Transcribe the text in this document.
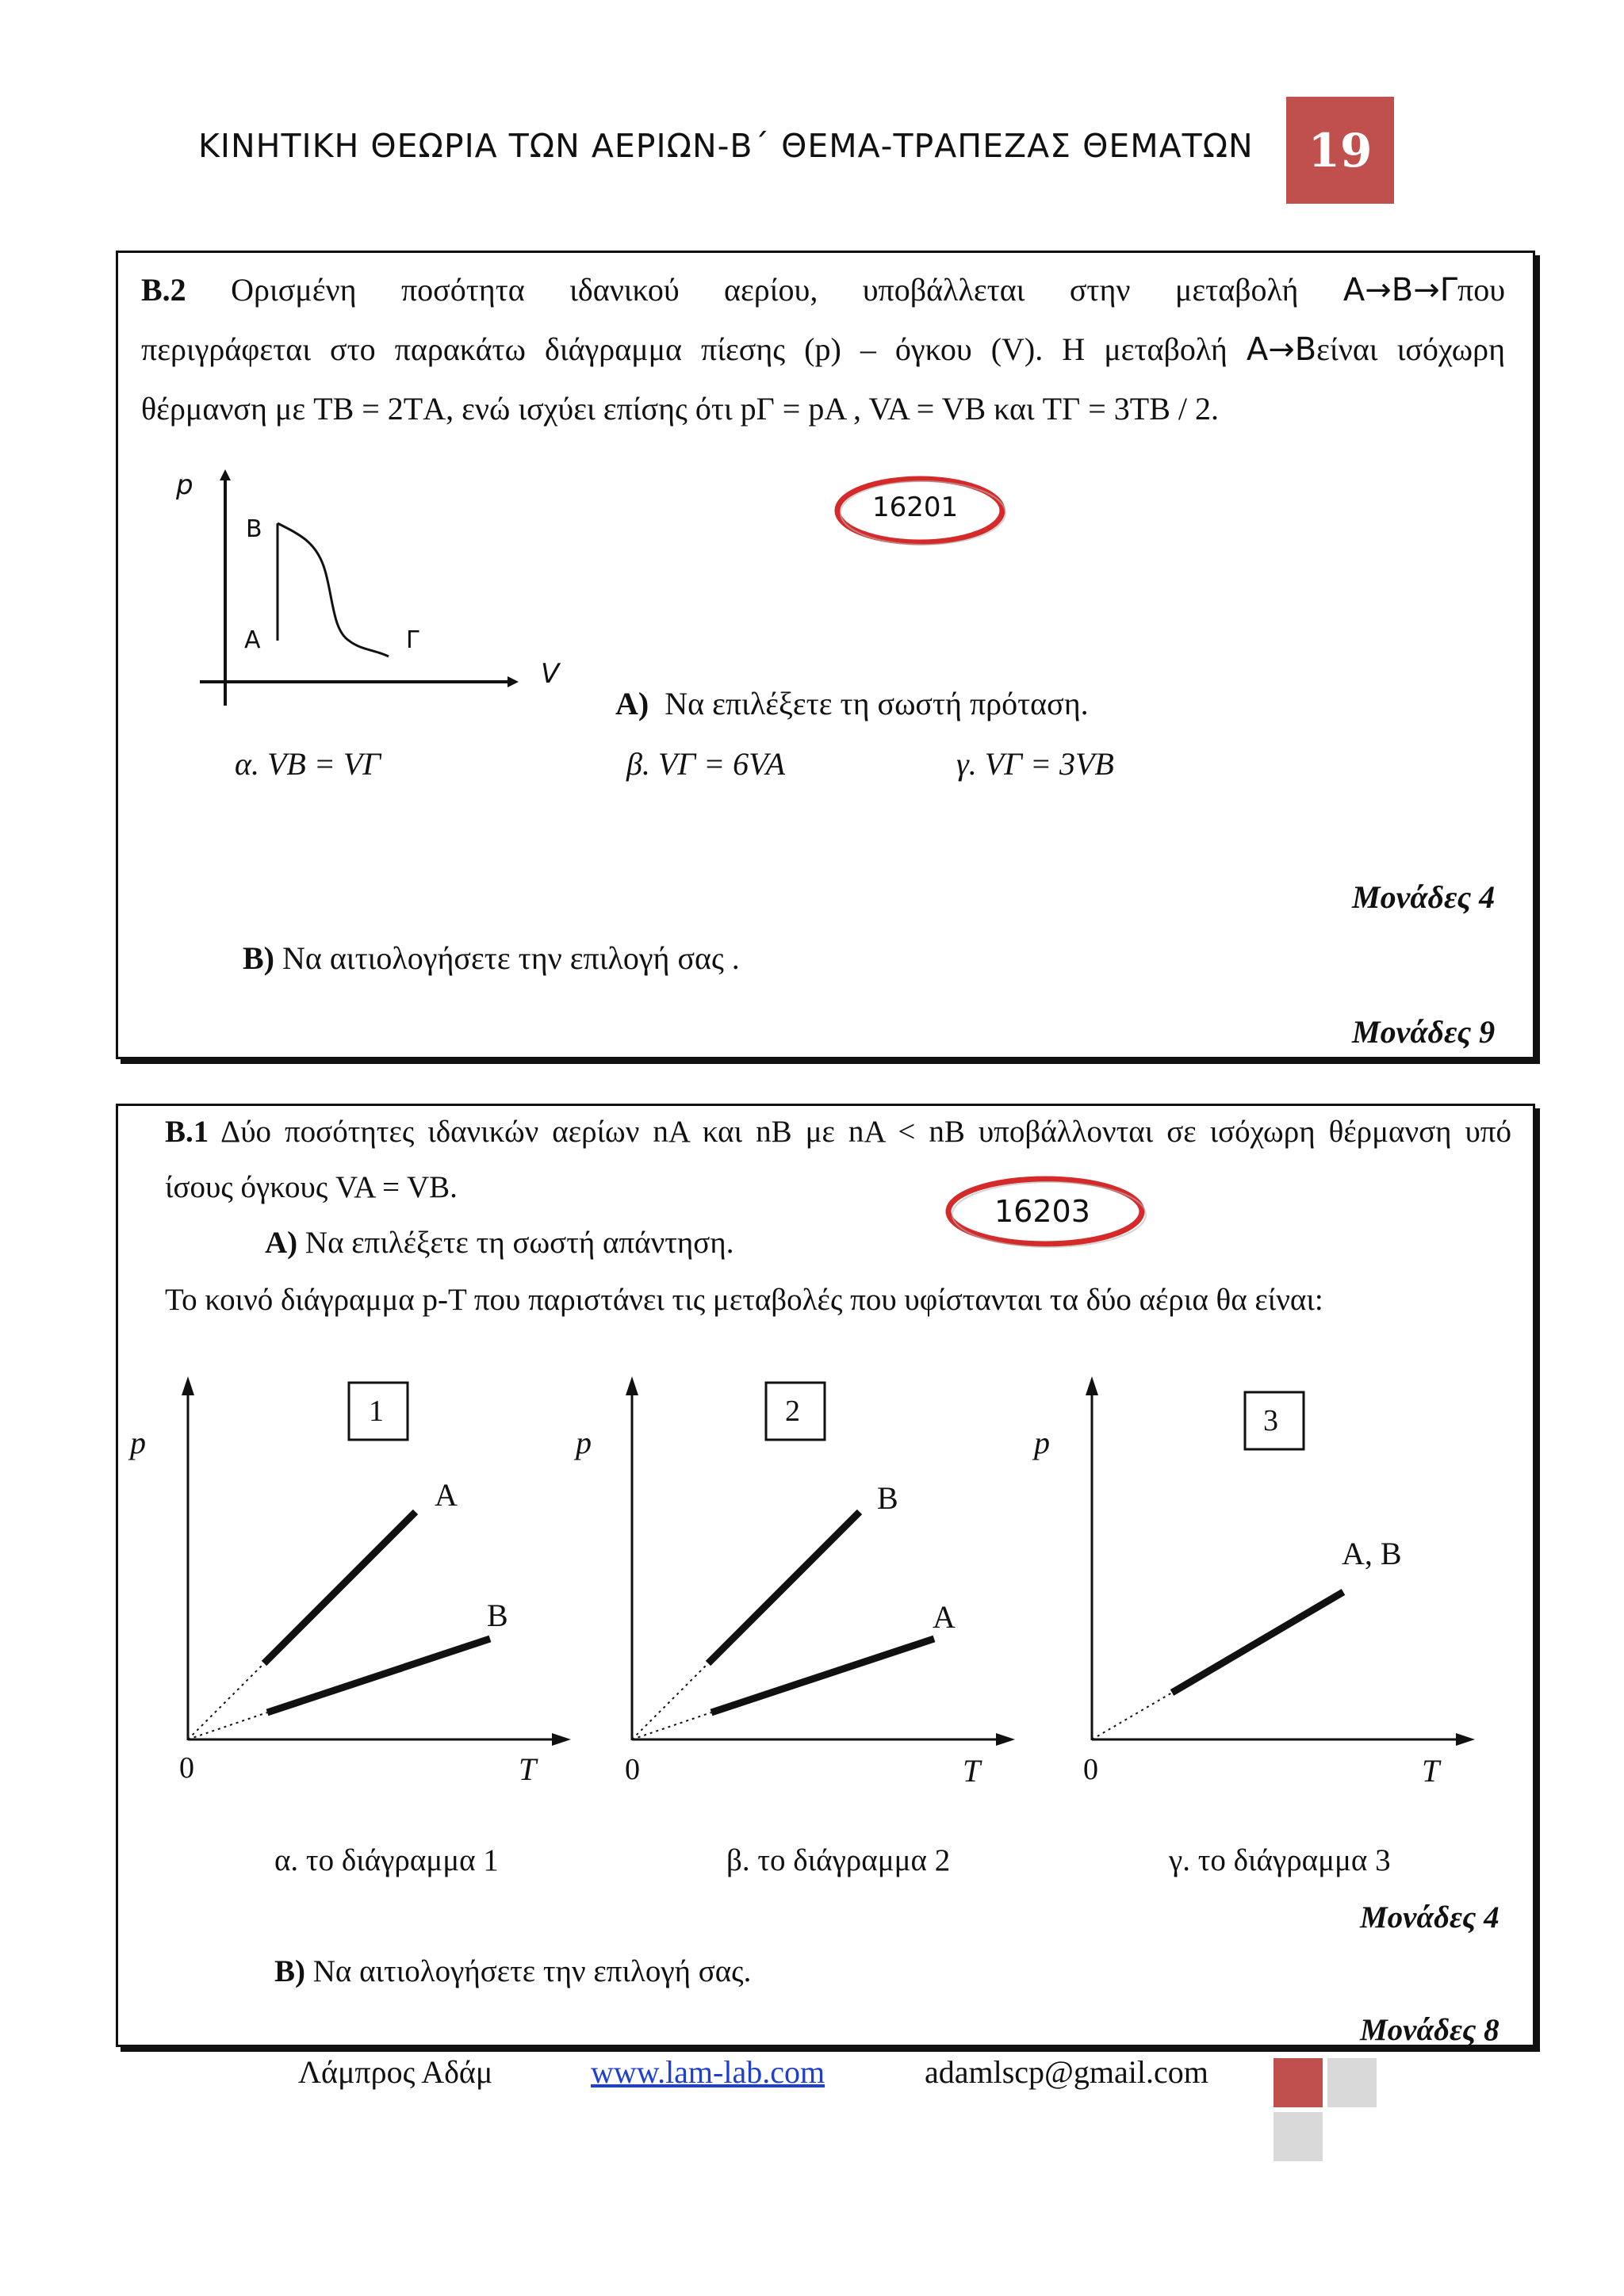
ΚΙΝΗΤΙΚΗ ΘΕΩΡΙΑ ΤΩΝ ΑΕΡΙΩΝ-Β΄ ΘΕΜΑ-ΤΡΑΠΕΖΑΣ ΘΕΜΑΤΩΝ	19
Β.2 Ορισμένη ποσότητα ιδανικού αερίου, υποβάλλεται στην μεταβολή Α→Β→Γπου
περιγράφεται στο παρακάτω διάγραμμα πίεσης (p) – όγκου (V). Η μεταβολή Α→Βείναι ισόχωρη
θέρμανση με TΒ = 2TΑ, ενώ ισχύει επίσης ότι pΓ = pA , VA = VB και TΓ = 3TB / 2.
p
V
Β
Α	Γ
16201
A) Να επιλέξετε τη σωστή πρόταση.
α. VB = VΓ	β. VΓ = 6VA	γ. VΓ = 3VB
Μονάδες 4
B) Να αιτιολογήσετε την επιλογή σας .
Μονάδες 9
Β.1 Δύο ποσότητες ιδανικών αερίων nΑ και nΒ με nΑ < nΒ υποβάλλονται σε ισόχωρη θέρμανση υπό
ίσους όγκους VA = VB.
16203
A) Να επιλέξετε τη σωστή απάντηση.
Το κοινό διάγραμμα p-T που παριστάνει τις μεταβολές που υφίστανται τα δύο αέρια θα είναι:
1
p
A
B
0	T
2
p
B
A
0	T
3
p
A, B
0	T
α. το διάγραμμα 1	β. το διάγραμμα 2	γ. το διάγραμμα 3
Μονάδες 4
B) Να αιτιολογήσετε την επιλογή σας.
Μονάδες 8
Λάμπρος Αδάμ	www.lam-lab.com	adamlscp@gmail.com
